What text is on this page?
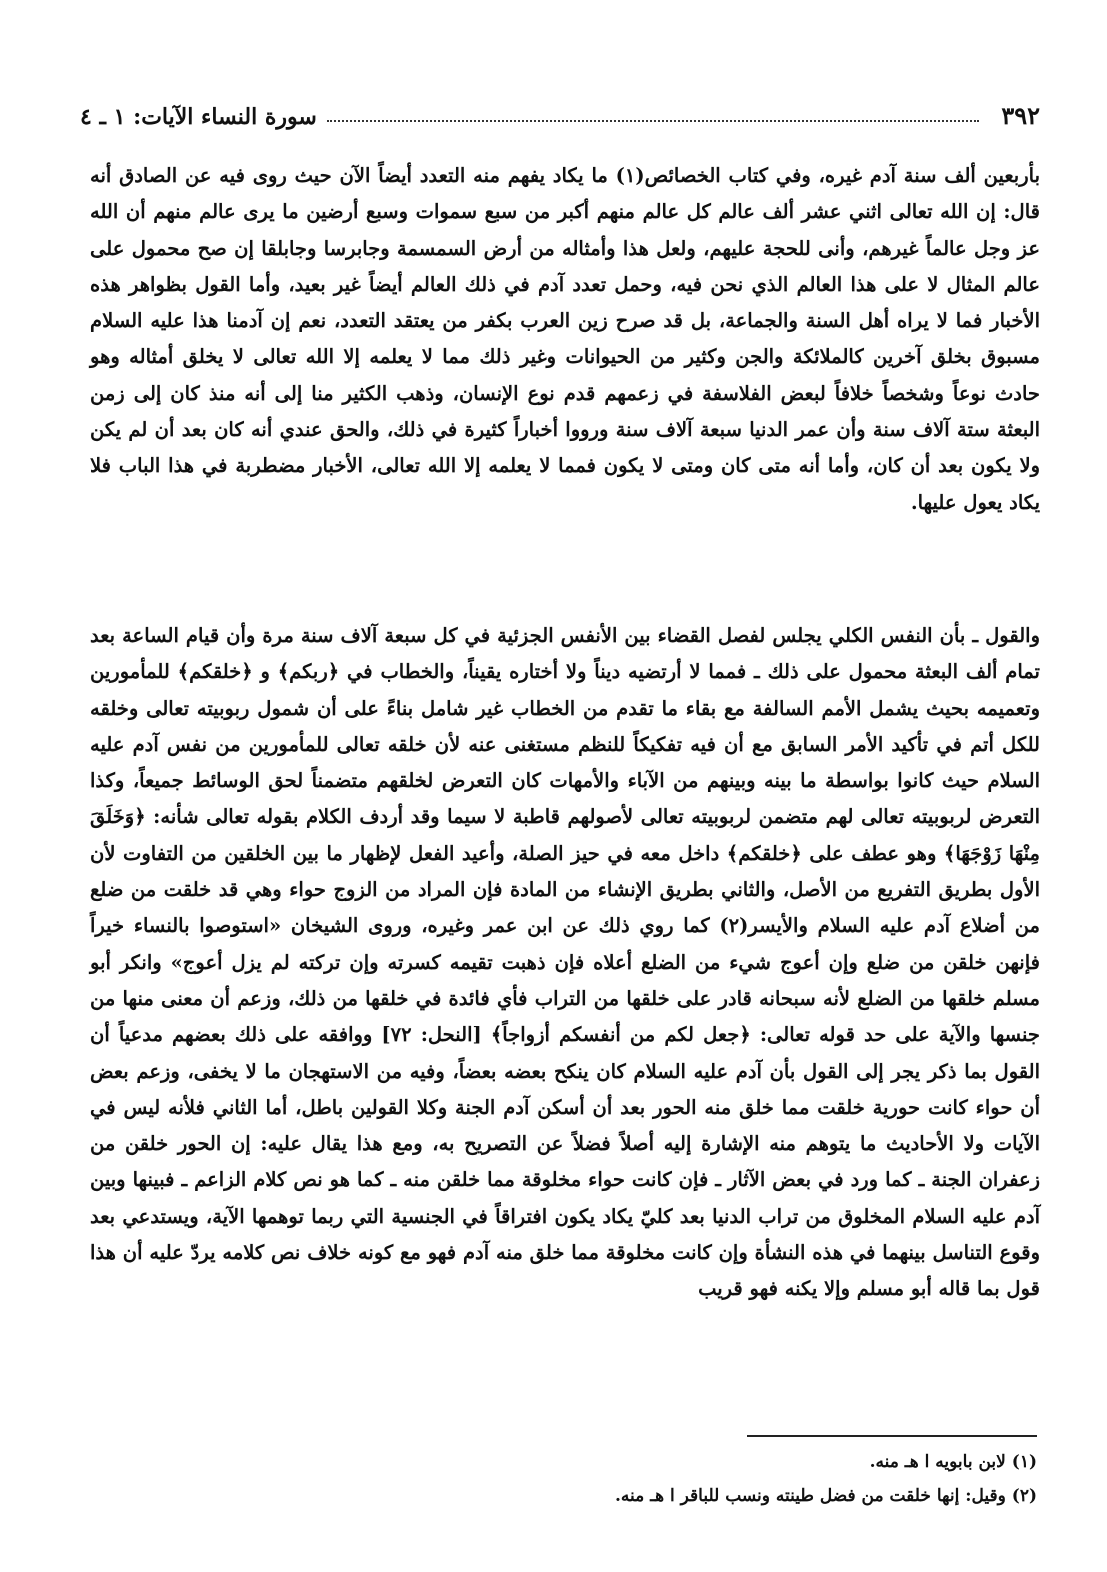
٣٩٢
سورة النساء الآيات: ١ ـ ٤
بأربعين ألف سنة آدم غيره، وفي كتاب الخصائص(١) ما يكاد يفهم منه التعدد أيضاً الآن حيث روى فيه عن الصادق أنه قال: إن الله تعالى اثني عشر ألف عالم كل عالم منهم أكبر من سبع سموات وسبع أرضين ما يرى عالم منهم أن الله عز وجل عالماً غيرهم، وأنى للحجة عليهم، ولعل هذا وأمثاله من أرض السمسمة وجابرسا وجابلقا إن صح محمول على عالم المثال لا على هذا العالم الذي نحن فيه، وحمل تعدد آدم في ذلك العالم أيضاً غير بعيد، وأما القول بظواهر هذه الأخبار فما لا يراه أهل السنة والجماعة، بل قد صرح زين العرب بكفر من يعتقد التعدد، نعم إن آدمنا هذا عليه السلام مسبوق بخلق آخرين كالملائكة والجن وكثير من الحيوانات وغير ذلك مما لا يعلمه إلا الله تعالى لا يخلق أمثاله وهو حادث نوعاً وشخصاً خلافاً لبعض الفلاسفة في زعمهم قدم نوع الإنسان، وذهب الكثير منا إلى أنه منذ كان إلى زمن البعثة ستة آلاف سنة وأن عمر الدنيا سبعة آلاف سنة ورووا أخباراً كثيرة في ذلك، والحق عندي أنه كان بعد أن لم يكن ولا يكون بعد أن كان، وأما أنه متى كان ومتى لا يكون فمما لا يعلمه إلا الله تعالى، الأخبار مضطربة في هذا الباب فلا يكاد يعول عليها.
والقول ـ بأن النفس الكلي يجلس لفصل القضاء بين الأنفس الجزئية في كل سبعة آلاف سنة مرة وأن قيام الساعة بعد تمام ألف البعثة محمول على ذلك ـ فمما لا أرتضيه ديناً ولا أختاره يقيناً، والخطاب في ﴿ربكم﴾ و ﴿خلقكم﴾ للمأمورين وتعميمه بحيث يشمل الأمم السالفة مع بقاء ما تقدم من الخطاب غير شامل بناءً على أن شمول ربوبيته تعالى وخلقه للكل أتم في تأكيد الأمر السابق مع أن فيه تفكيكاً للنظم مستغنى عنه لأن خلقه تعالى للمأمورين من نفس آدم عليه السلام حيث كانوا بواسطة ما بينه وبينهم من الآباء والأمهات كان التعرض لخلقهم متضمناً لحق الوسائط جميعاً، وكذا التعرض لربوبيته تعالى لهم متضمن لربوبيته تعالى لأصولهم قاطبة لا سيما وقد أردف الكلام بقوله تعالى شأنه: ﴿وَخَلَقَ مِنْهَا زَوْجَهَا﴾ وهو عطف على ﴿خلقكم﴾ داخل معه في حيز الصلة، وأعيد الفعل لإظهار ما بين الخلقين من التفاوت لأن الأول بطريق التفريع من الأصل، والثاني بطريق الإنشاء من المادة فإن المراد من الزوج حواء وهي قد خلقت من ضلع من أضلاع آدم عليه السلام والأيسر(٢) كما روي ذلك عن ابن عمر وغيره، وروى الشيخان «استوصوا بالنساء خيراً فإنهن خلقن من ضلع وإن أعوج شيء من الضلع أعلاه فإن ذهبت تقيمه كسرته وإن تركته لم يزل أعوج» وانكر أبو مسلم خلقها من الضلع لأنه سبحانه قادر على خلقها من التراب فأي فائدة في خلقها من ذلك، وزعم أن معنى منها من جنسها والآية على حد قوله تعالى: ﴿جعل لكم من أنفسكم أزواجاً﴾ [النحل: ٧٢] ووافقه على ذلك بعضهم مدعياً أن القول بما ذكر يجر إلى القول بأن آدم عليه السلام كان ينكح بعضه بعضاً، وفيه من الاستهجان ما لا يخفى، وزعم بعض أن حواء كانت حورية خلقت مما خلق منه الحور بعد أن أسكن آدم الجنة وكلا القولين باطل، أما الثاني فلأنه ليس في الآيات ولا الأحاديث ما يتوهم منه الإشارة إليه أصلاً فضلاً عن التصريح به، ومع هذا يقال عليه: إن الحور خلقن من زعفران الجنة ـ كما ورد في بعض الآثار ـ فإن كانت حواء مخلوقة مما خلقن منه ـ كما هو نص كلام الزاعم ـ فبينها وبين آدم عليه السلام المخلوق من تراب الدنيا بعد كليّ يكاد يكون افتراقاً في الجنسية التي ربما توهمها الآية، ويستدعي بعد وقوع التناسل بينهما في هذه النشأة وإن كانت مخلوقة مما خلق منه آدم فهو مع كونه خلاف نص كلامه يردّ عليه أن هذا قول بما قاله أبو مسلم وإلا يكنه فهو قريب
(١) لابن بابويه ا هـ منه.
(٢) وقيل: إنها خلقت من فضل طينته ونسب للباقر ا هـ منه.
